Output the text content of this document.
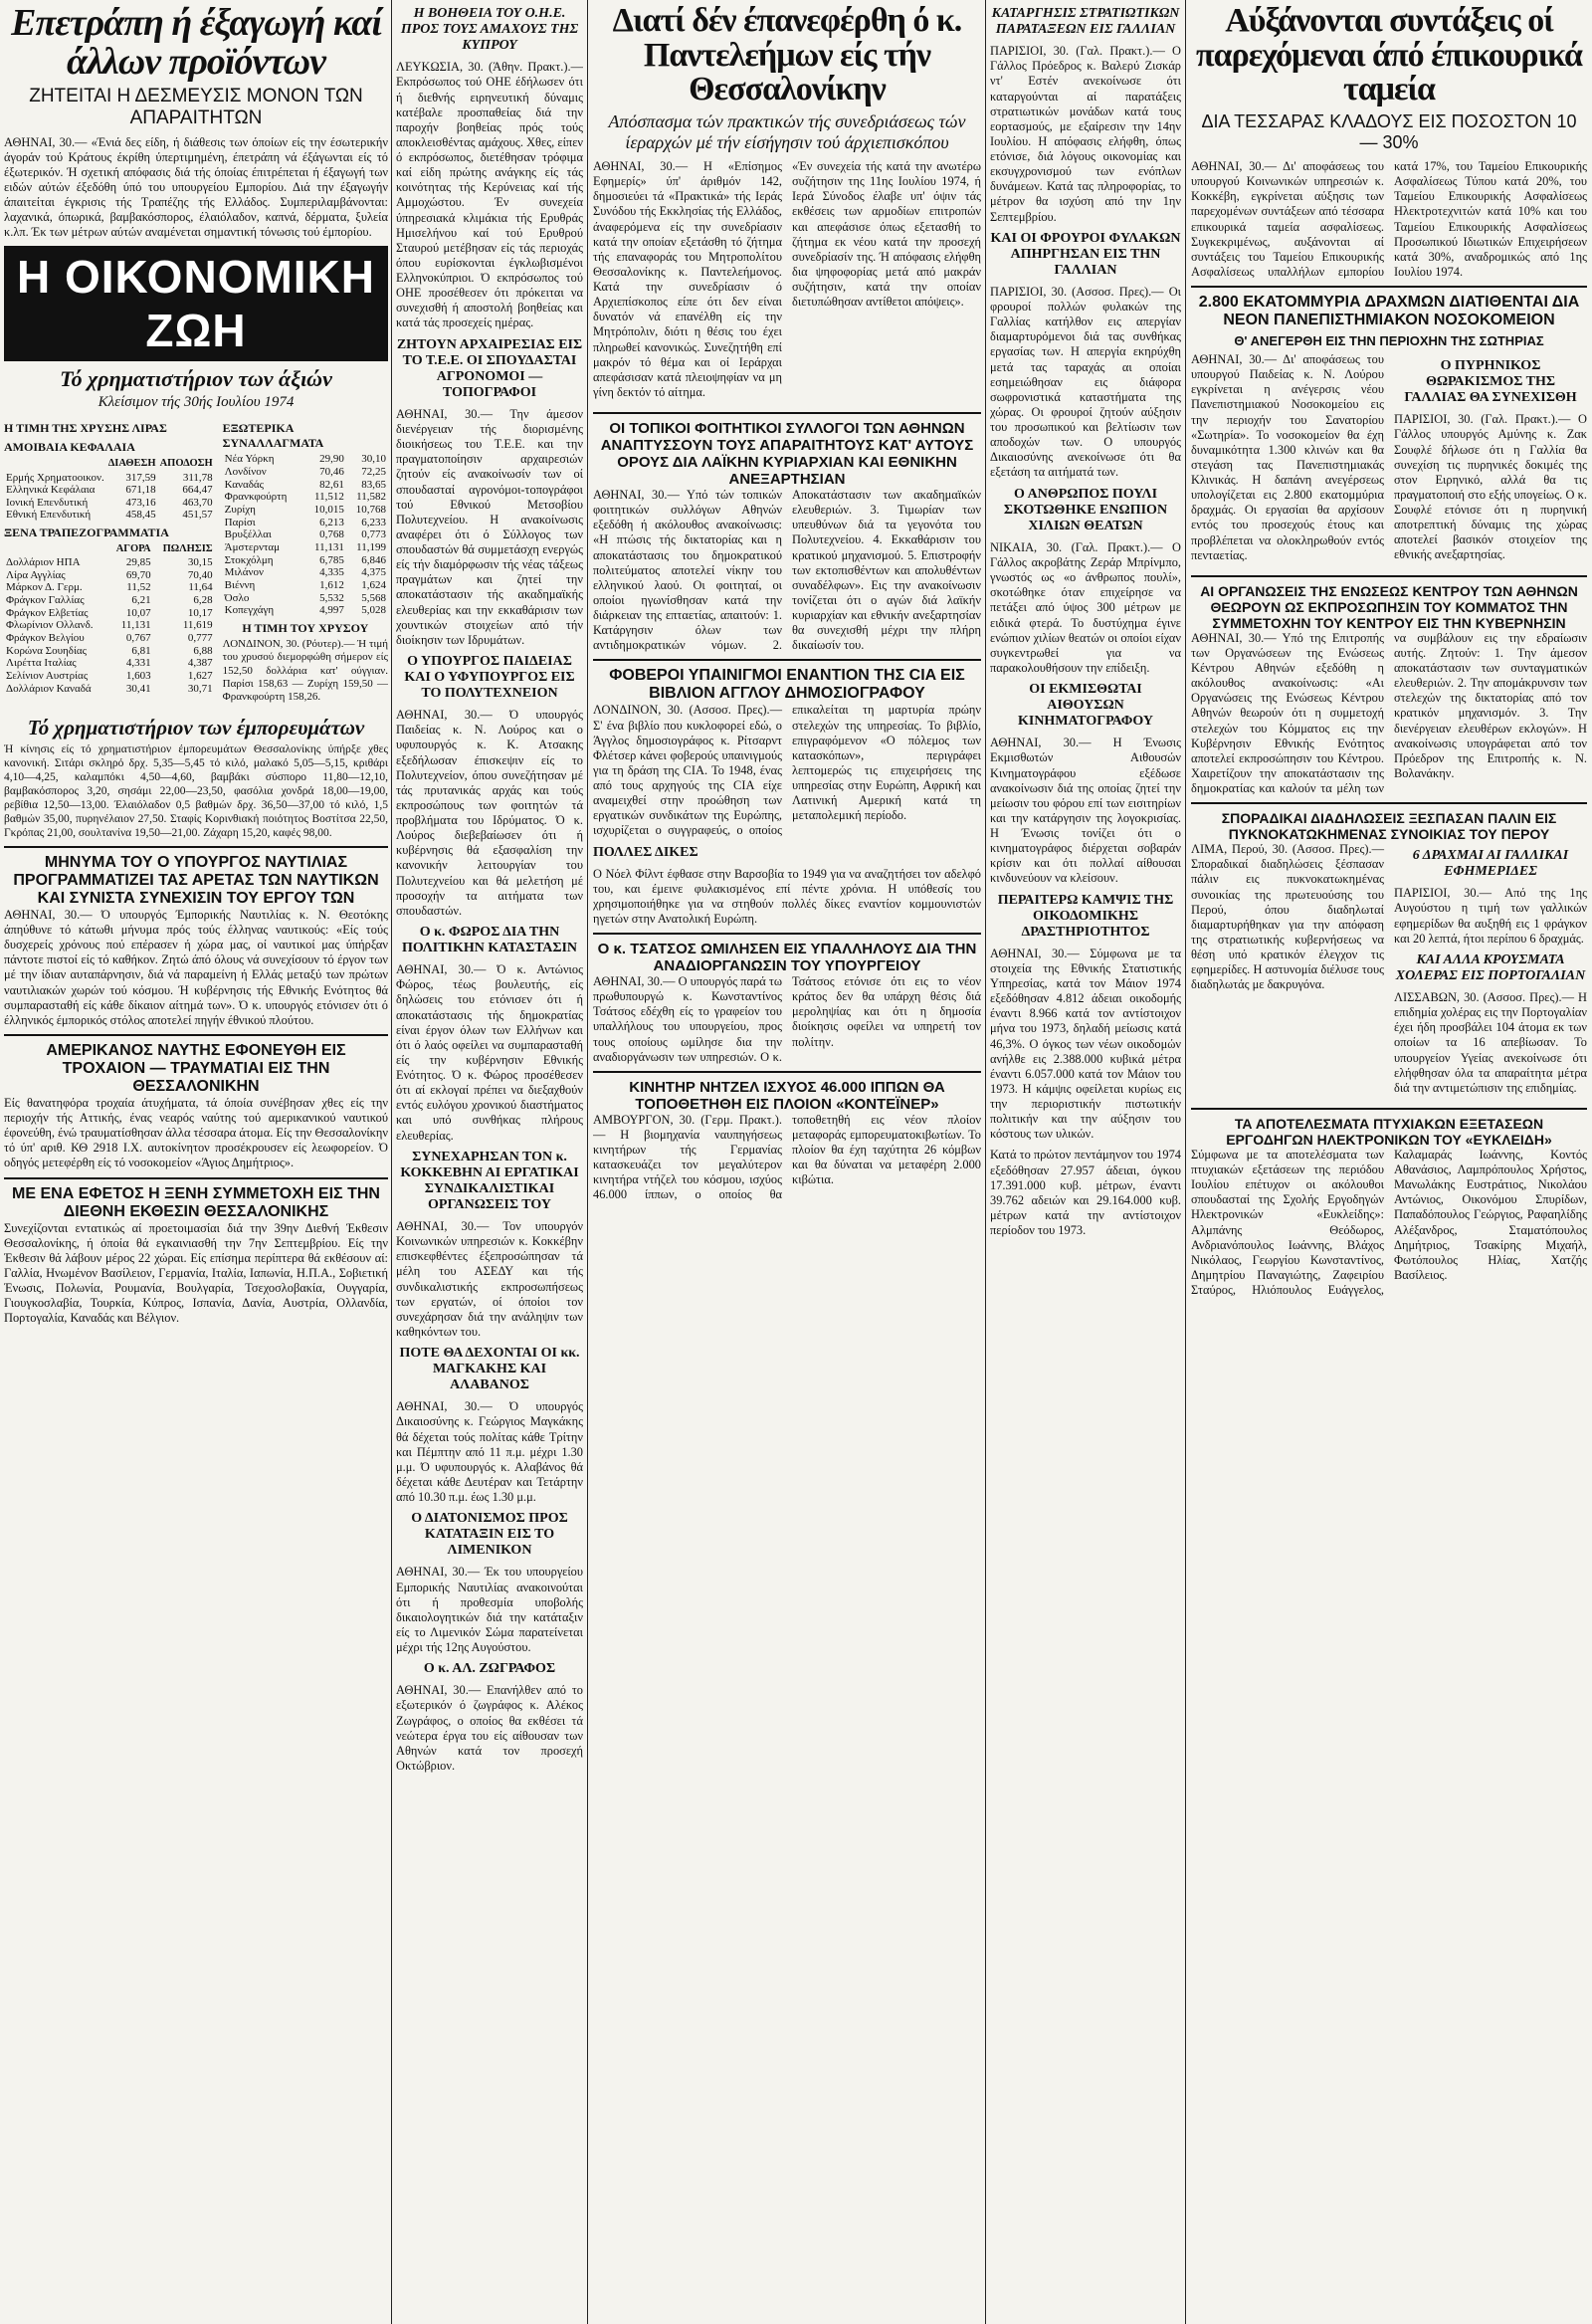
Επετράπη ή έξαγωγή καί άλλων προϊόντων
ΖΗΤΕΙΤΑΙ Η ΔΕΣΜΕΥΣΙΣ ΜΟΝΟΝ ΤΩΝ ΑΠΑΡΑΙΤΗΤΩΝ

ΑΘΗΝΑΙ, 30.— «Ένιά δες είδη, ή διάθεσις των όποίων είς την έσωτερικήν άγοράν τού Κράτους έκρίθη ύπερτιμημένη, έπετράπη νά έξάγωνται είς τό έξωτερικόν. Ή σχετική απόφασις διά τής όποίας έπιτρέπεται ή έξαγωγή των ειδών αύτών έξεδόθη ύπό του υπουργείου Εμπορίου. Διά την έξαγωγήν άπαιτείται έγκρισις τής Τραπέζης τής Ελλάδος. Συμπεριλαμβάνονται: λαχανικά, όπωρικά, βαμβακόσπορος, έλαιόλαδον, καπνά, δέρματα, ξυλεία κ.λπ. Έκ των μέτρων αύτών αναμένεται σημαντική τόνωσις τού έμπορίου.

Η ΟΙΚΟΝΟΜΙΚΗ ΖΩΗ
Τό χρηματιστήριον των άξιών
Κλείσιμον τής 30ής Ιουλίου 1974
Η ΤΙΜΗ ΤΗΣ ΧΡΥΣΗΣ ΛΙΡΑΣ
ΑΜΟΙΒΑΙΑ ΚΕΦΑΛΑΙΑ
	ΔΙΑΘΕΣΗ	ΑΠΟΔΟΣΗ
Ερμής Χρηματοοικον.	317,59	311,78
Ελληνικά Κεφάλαια	671,18	664,47
Ιονική Επενδυτική	473,16	463,70
Εθνική Επενδυτική	458,45	451,57
ΞΕΝΑ ΤΡΑΠΕΖΟΓΡΑΜΜΑΤΙΑ
	ΑΓΟΡΑ	ΠΩΛΗΣΙΣ
Δολλάριον ΗΠΑ	29,85	30,15
Λίρα Αγγλίας	69,70	70,40
Μάρκον Δ. Γερμ.	11,52	11,64
Φράγκον Γαλλίας	6,21	6,28
Φράγκον Ελβετίας	10,07	10,17
Φλωρίνιον Ολλανδ.	11,131	11,619
Φράγκον Βελγίου	0,767	0,777
Κορώνα Σουηδίας	6,81	6,88
Λιρέττα Ιταλίας	4,331	4,387
Σελίνιον Αυστρίας	1,603	1,627
Δολλάριον Καναδά	30,41	30,71
ΕΞΩΤΕΡΙΚΑ ΣΥΝΑΛΛΑΓΜΑΤΑ
Νέα Υόρκη	29,90	30,10
Λονδίνον	70,46	72,25
Καναδάς	82,61	83,65
Φρανκφούρτη	11,512	11,582
Ζυρίχη	10,015	10,768
Παρίσι	6,213	6,233
Βρυξέλλαι	0,768	0,773
Άμστερνταμ	11,131	11,199
Στοκχόλμη	6,785	6,846
Μιλάνον	4,335	4,375
Βιέννη	1,612	1,624
Όσλο	5,532	5,568
Κοπεγχάγη	4,997	5,028
Η ΤΙΜΗ ΤΟΥ ΧΡΥΣΟΥ

ΛΟΝΔΙΝΟΝ, 30. (Ρόυτερ).— Ή τιμή του χρυσού διεμορφώθη σήμερον είς 152,50 δολλάρια κατ' ούγγιαν. Παρίσι 158,63 — Ζυρίχη 159,50 — Φρανκφούρτη 158,26.

Τό χρηματιστήριον των έμπορευμάτων

Ή κίνησις είς τό χρηματιστήριον έμπορευμάτων Θεσσαλονίκης ύπήρξε χθες κανονική. Σιτάρι σκληρό δρχ. 5,35—5,45 τό κιλό, μαλακό 5,05—5,15, κριθάρι 4,10—4,25, καλαμπόκι 4,50—4,60, βαμβάκι σύσπορο 11,80—12,10, βαμβακόσπορος 3,20, σησάμι 22,00—23,50, φασόλια χονδρά 18,00—19,00, ρεβίθια 12,50—13,00. Έλαιόλαδον 0,5 βαθμών δρχ. 36,50—37,00 τό κιλό, 1,5 βαθμών 35,00, πυρηνέλαιον 27,50. Σταφίς Κορινθιακή ποιότητος Βοστίτσα 22,50, Γκρόπας 21,00, σουλτανίνα 19,50—21,00. Ζάχαρη 15,20, καφές 98,00.

ΜΗΝΥΜΑ ΤΟΥ Ο ΥΠΟΥΡΓΟΣ ΝΑΥΤΙΛΙΑΣ ΠΡΟΓΡΑΜΜΑΤΙΖΕΙ ΤΑΣ ΑΡΕΤΑΣ ΤΩΝ ΝΑΥΤΙΚΩΝ ΚΑΙ ΣΥΝΙΣΤΑ ΣΥΝΕΧΙΣΙΝ ΤΟΥ ΕΡΓΟΥ ΤΩΝ

ΑΘΗΝΑΙ, 30.— Ό υπουργός Έμπορικής Ναυτιλίας κ. Ν. Θεοτόκης άπηύθυνε τό κάτωθι μήνυμα πρός τούς έλληνας ναυτικούς: «Είς τούς δυσχερείς χρόνους πού επέρασεν ή χώρα μας, οί ναυτικοί μας ύπήρξαν πάντοτε πιστοί είς τό καθήκον. Ζητώ άπό όλους νά συνεχίσουν τό έργον των μέ την ίδιαν αυταπάρνησιν, διά νά παραμείνη ή Ελλάς μεταξύ των πρώτων ναυτιλιακών χωρών τού κόσμου. Ή κυβέρνησις τής Εθνικής Ενότητος θά συμπαρασταθή είς κάθε δίκαιον αίτημά των». Ό κ. υπουργός ετόνισεν ότι ό έλληνικός έμπορικός στόλος αποτελεί πηγήν έθνικού πλούτου.

ΑΜΕΡΙΚΑΝΟΣ ΝΑΥΤΗΣ ΕΦΟΝΕΥΘΗ ΕΙΣ ΤΡΟΧΑΙΟΝ — ΤΡΑΥΜΑΤΙΑΙ ΕΙΣ ΤΗΝ ΘΕΣΣΑΛΟΝΙΚΗΝ

Είς θανατηφόρα τροχαία άτυχήματα, τά όποία συνέβησαν χθες είς την περιοχήν τής Αττικής, ένας νεαρός ναύτης τού αμερικανικού ναυτικού έφονεύθη, ένώ τραυματίσθησαν άλλα τέσσαρα άτομα. Είς την Θεσσαλονίκην τό ύπ' αριθ. ΚΘ 2918 Ι.Χ. αυτοκίνητον προσέκρουσεν είς λεωφορείον. Ό οδηγός μετεφέρθη είς τό νοσοκομείον «Άγιος Δημήτριος».

ΜΕ ΕΝΑ ΕΦΕΤΟΣ Η ΞΕΝΗ ΣΥΜΜΕΤΟΧΗ ΕΙΣ ΤΗΝ ΔΙΕΘΝΗ ΕΚΘΕΣΙΝ ΘΕΣΣΑΛΟΝΙΚΗΣ

Συνεχίζονται εντατικώς αί προετοιμασίαι διά την 39ην Διεθνή Έκθεσιν Θεσσαλονίκης, ή όποία θά εγκαινιασθή την 7ην Σεπτεμβρίου. Είς την Έκθεσιν θά λάβουν μέρος 22 χώραι. Είς επίσημα περίπτερα θά εκθέσουν αί: Γαλλία, Ηνωμένον Βασίλειον, Γερμανία, Ιταλία, Ιαπωνία, Η.Π.Α., Σοβιετική Ένωσις, Πολωνία, Ρουμανία, Βουλγαρία, Τσεχοσλοβακία, Ουγγαρία, Γιουγκοσλαβία, Τουρκία, Κύπρος, Ισπανία, Δανία, Αυστρία, Ολλανδία, Πορτογαλία, Καναδάς και Βέλγιον.

Η ΒΟΗΘΕΙΑ ΤΟΥ Ο.Η.Ε. ΠΡΟΣ ΤΟΥΣ ΑΜΑΧΟΥΣ ΤΗΣ ΚΥΠΡΟΥ

ΛΕΥΚΩΣΙΑ, 30. (Άθην. Πρακτ.).— Εκπρόσωπος τού ΟΗΕ έδήλωσεν ότι ή διεθνής ειρηνευτική δύναμις κατέβαλε προσπαθείας διά την παροχήν βοηθείας πρός τούς αποκλεισθέντας αμάχους. Χθες, είπεν ό εκπρόσωπος, διετέθησαν τρόφιμα καί είδη πρώτης ανάγκης είς τάς κοινότητας τής Κερύνειας καί τής Αμμοχώστου. Έν συνεχεία ύπηρεσιακά κλιμάκια τής Ερυθράς Ημισελήνου καί τού Ερυθρού Σταυρού μετέβησαν είς τάς περιοχάς όπου ευρίσκονται έγκλωβισμένοι Ελληνοκύπριοι. Ό εκπρόσωπος τού ΟΗΕ προσέθεσεν ότι πρόκειται να συνεχισθή ή αποστολή βοηθείας και κατά τάς προσεχείς ημέρας.

ΖΗΤΟΥΝ ΑΡΧΑΙΡΕΣΙΑΣ ΕΙΣ ΤΟ Τ.Ε.Ε. ΟΙ ΣΠΟΥΔΑΣΤΑΙ ΑΓΡΟΝΟΜΟΙ — ΤΟΠΟΓΡΑΦΟΙ

ΑΘΗΝΑΙ, 30.— Την άμεσον διενέργειαν τής διορισμένης διοικήσεως του Τ.Ε.Ε. και την πραγματοποίησιν αρχαιρεσιών ζητούν είς ανακοίνωσίν των οί σπουδασταί αγρονόμοι-τοπογράφοι τού Εθνικού Μετσοβίου Πολυτεχνείου. Η ανακοίνωσις αναφέρει ότι ό Σύλλογος των σπουδαστών θά συμμετάσχη ενεργώς είς τήν διαμόρφωσιν τής νέας τάξεως πραγμάτων και ζητεί την αποκατάστασιν τής ακαδημαϊκής ελευθερίας και την εκκαθάρισιν των χουντικών στοιχείων από τήν διοίκησιν των Ιδρυμάτων.

Ο ΥΠΟΥΡΓΟΣ ΠΑΙΔΕΙΑΣ ΚΑΙ Ο ΥΦΥΠΟΥΡΓΟΣ ΕΙΣ ΤΟ ΠΟΛΥΤΕΧΝΕΙΟΝ

ΑΘΗΝΑΙ, 30.— Ό υπουργός Παιδείας κ. Ν. Λούρος και ο υφυπουργός κ. Κ. Ατσακης εξεδήλωσαν έπισκεψιν είς το Πολυτεχνείον, όπου συνεζήτησαν μέ τάς πρυτανικάς αρχάς και τούς εκπροσώπους των φοιτητών τά προβλήματα του Ιδρύματος. Ό κ. Λούρος διεβεβαίωσεν ότι ή κυβέρνησις θά εξασφαλίση την κανονικήν λειτουργίαν του Πολυτεχνείου και θά μελετήση μέ προσοχήν τα αιτήματα των σπουδαστών.

Ο κ. ΦΩΡΟΣ ΔΙΑ ΤΗΝ ΠΟΛΙΤΙΚΗΝ ΚΑΤΑΣΤΑΣΙΝ

ΑΘΗΝΑΙ, 30.— Ό κ. Αντώνιος Φώρος, τέως βουλευτής, είς δηλώσεις του ετόνισεν ότι ή αποκατάστασις τής δημοκρατίας είναι έργον όλων των Ελλήνων και ότι ό λαός οφείλει να συμπαρασταθή είς την κυβέρνησιν Εθνικής Ενότητος. Ό κ. Φώρος προσέθεσεν ότι αί εκλογαί πρέπει να διεξαχθούν εντός ευλόγου χρονικού διαστήματος και υπό συνθήκας πλήρους ελευθερίας.

ΣΥΝΕΧΑΡΗΣΑΝ ΤΟΝ κ. ΚΟΚΚΕΒΗΝ ΑΙ ΕΡΓΑΤΙΚΑΙ ΣΥΝΔΙΚΑΛΙΣΤΙΚΑΙ ΟΡΓΑΝΩΣΕΙΣ ΤΟΥ

ΑΘΗΝΑΙ, 30.— Τον υπουργόν Κοινωνικών υπηρεσιών κ. Κοκκέβην επισκεφθέντες έξεπροσώπησαν τά μέλη του ΑΣΕΔΥ και τής συνδικαλιστικής εκπροσωπήσεως των εργατών, οί όποίοι τον συνεχάρησαν διά την ανάληψιν των καθηκόντων του.

ΠΟΤΕ ΘΑ ΔΕΧΟΝΤΑΙ ΟΙ κκ. ΜΑΓΚΑΚΗΣ ΚΑΙ ΑΛΑΒΑΝΟΣ

ΑΘΗΝΑΙ, 30.— Ό υπουργός Δικαιοσύνης κ. Γεώργιος Μαγκάκης θά δέχεται τούς πολίτας κάθε Τρίτην και Πέμπτην από 11 π.μ. μέχρι 1.30 μ.μ. Ό υφυπουργός κ. Αλαβάνος θά δέχεται κάθε Δευτέραν και Τετάρτην από 10.30 π.μ. έως 1.30 μ.μ.

Ο ΔΙΑΤΟΝΙΣΜΟΣ ΠΡΟΣ ΚΑΤΑΤΑΞΙΝ ΕΙΣ ΤΟ ΛΙΜΕΝΙΚΟΝ

ΑΘΗΝΑΙ, 30.— Έκ του υπουργείου Εμπορικής Ναυτιλίας ανακοινούται ότι ή προθεσμία υποβολής δικαιολογητικών διά την κατάταξιν είς το Λιμενικόν Σώμα παρατείνεται μέχρι τής 12ης Αυγούστου.

Ο κ. ΑΛ. ΖΩΓΡΑΦΟΣ

ΑΘΗΝΑΙ, 30.— Επανήλθεν από το εξωτερικόν ό ζωγράφος κ. Αλέκος Ζωγράφος, ο οποίος θα εκθέσει τά νεώτερα έργα του είς αίθουσαν των Αθηνών κατά τον προσεχή Οκτώβριον.

Διατί δέν έπανεφέρθη ό κ. Παντελεήμων είς τήν Θεσσαλονίκην
Απόσπασμα τών πρακτικών τής συνεδριάσεως τών ίεραρχών μέ τήν είσήγησιν τού άρχιεπισκόπου

ΑΘΗΝΑΙ, 30.— Η «Επίσημος Εφημερίς» ύπ' άριθμόν 142, δημοσιεύει τά «Πρακτικά» τής Ιεράς Συνόδου τής Εκκλησίας τής Ελλάδος, άναφερόμενα είς την συνεδρίασιν κατά την οποίαν εξετάσθη τό ζήτημα τής επαναφοράς του Μητροπολίτου Θεσσαλονίκης κ. Παντελεήμονος. Κατά την συνεδρίασιν ό Αρχιεπίσκοπος είπε ότι δεν είναι δυνατόν νά επανέλθη είς την Μητρόπολιν, διότι η θέσις του έχει πληρωθεί κανονικώς. Συνεζητήθη επί μακρόν τό θέμα και οί Ιεράρχαι απεφάσισαν κατά πλειοψηφίαν να μη γίνη δεκτόν τό αίτημα.

«Έν συνεχεία τής κατά την ανωτέρω συζήτησιν της 11ης Ιουλίου 1974, ή Ιερά Σύνοδος έλαβε υπ' όψιν τάς εκθέσεις των αρμοδίων επιτροπών και απεφάσισε όπως εξετασθή το ζήτημα εκ νέου κατά την προσεχή συνεδρίασίν της. Ή απόφασις ελήφθη δια ψηφοφορίας μετά από μακράν συζήτησιν, κατά την οποίαν διετυπώθησαν αντίθετοι απόψεις».

ΟΙ ΤΟΠΙΚΟΙ ΦΟΙΤΗΤΙΚΟΙ ΣΥΛΛΟΓΟΙ ΤΩΝ ΑΘΗΝΩΝ ΑΝΑΠΤΥΣΣΟΥΝ ΤΟΥΣ ΑΠΑΡΑΙΤΗΤΟΥΣ ΚΑΤ' ΑΥΤΟΥΣ ΟΡΟΥΣ ΔΙΑ ΛΑΪΚΗΝ ΚΥΡΙΑΡΧΙΑΝ ΚΑΙ ΕΘΝΙΚΗΝ ΑΝΕΞΑΡΤΗΣΙΑΝ

ΑΘΗΝΑΙ, 30.— Υπό τών τοπικών φοιτητικών συλλόγων Αθηνών εξεδόθη ή ακόλουθος ανακοίνωσις: «Η πτώσις τής δικτατορίας και η αποκατάστασις του δημοκρατικού πολιτεύματος αποτελεί νίκην του ελληνικού λαού. Οι φοιτηταί, οι οποίοι ηγωνίσθησαν κατά την διάρκειαν της επταετίας, απαιτούν: 1. Κατάργησιν όλων των αντιδημοκρατικών νόμων. 2. Αποκατάστασιν των ακαδημαϊκών ελευθεριών. 3. Τιμωρίαν των υπευθύνων διά τα γεγονότα του Πολυτεχνείου. 4. Εκκαθάρισιν του κρατικού μηχανισμού. 5. Επιστροφήν των εκτοπισθέντων και απολυθέντων συναδέλφων». Εις την ανακοίνωσιν τονίζεται ότι ο αγών διά λαϊκήν κυριαρχίαν και εθνικήν ανεξαρτησίαν θα συνεχισθή μέχρι την πλήρη δικαίωσίν του.

ΦΟΒΕΡΟΙ ΥΠΑΙΝΙΓΜΟΙ ΕΝΑΝΤΙΟΝ ΤΗΣ CIA ΕΙΣ ΒΙΒΛΙΟΝ ΑΓΓΛΟΥ ΔΗΜΟΣΙΟΓΡΑΦΟΥ

ΛΟΝΔΙΝΟΝ, 30. (Ασσοσ. Πρες).— Σ' ένα βιβλίο που κυκλοφορεί εδώ, ο Άγγλος δημοσιογράφος κ. Ρίτσαρντ Φλέτσερ κάνει φοβερούς υπαινιγμούς για τη δράση της CIA. Το 1948, ένας από τους αρχηγούς της CIA είχε αναμειχθεί στην προώθηση των εργατικών συνδικάτων της Ευρώπης, ισχυρίζεται ο συγγραφεύς, ο οποίος επικαλείται τη μαρτυρία πρώην στελεχών της υπηρεσίας. Το βιβλίο, επιγραφόμενον «Ο πόλεμος των κατασκόπων», περιγράφει λεπτομερώς τις επιχειρήσεις της υπηρεσίας στην Ευρώπη, Αφρική και Λατινική Αμερική κατά τη μεταπολεμική περίοδο.

ΠΟΛΛΕΣ ΔΙΚΕΣ

Ο Νόελ Φίλντ έφθασε στην Βαρσοβία το 1949 για να αναζητήσει τον αδελφό του, και έμεινε φυλακισμένος επί πέντε χρόνια. Η υπόθεσίς του χρησιμοποιήθηκε για να στηθούν πολλές δίκες εναντίον κομμουνιστών ηγετών στην Ανατολική Ευρώπη.

Ο κ. ΤΣΑΤΣΟΣ ΩΜΙΛΗΣΕΝ ΕΙΣ ΥΠΑΛΛΗΛΟΥΣ ΔΙΑ ΤΗΝ ΑΝΑΔΙΟΡΓΑΝΩΣΙΝ ΤΟΥ ΥΠΟΥΡΓΕΙΟΥ

ΑΘΗΝΑΙ, 30.— Ο υπουργός παρά τω πρωθυπουργώ κ. Κωνσταντίνος Τσάτσος εδέχθη είς το γραφείον του υπαλλήλους του υπουργείου, προς τους οποίους ωμίλησε δια την αναδιοργάνωσιν των υπηρεσιών. Ο κ. Τσάτσος ετόνισε ότι εις το νέον κράτος δεν θα υπάρχη θέσις διά μεροληψίας και ότι η δημοσία διοίκησις οφείλει να υπηρετή τον πολίτην.

ΚΙΝΗΤΗΡ ΝΗΤΖΕΛ ΙΣΧΥΟΣ 46.000 ΙΠΠΩΝ ΘΑ ΤΟΠΟΘΕΤΗΘΗ ΕΙΣ ΠΛΟΙΟΝ «ΚΟΝΤΕΪΝΕΡ»

ΑΜΒΟΥΡΓΟΝ, 30. (Γερμ. Πρακτ.).— Η βιομηχανία ναυπηγήσεως κινητήρων τής Γερμανίας κατασκευάζει τον μεγαλύτερον κινητήρα ντήζελ του κόσμου, ισχύος 46.000 ίππων, ο οποίος θα τοποθετηθή εις νέον πλοίον μεταφοράς εμπορευματοκιβωτίων. Το πλοίον θα έχη ταχύτητα 26 κόμβων και θα δύναται να μεταφέρη 2.000 κιβώτια.

ΚΑΤΑΡΓΗΣΙΣ ΣΤΡΑΤΙΩΤΙΚΩΝ ΠΑΡΑΤΑΞΕΩΝ ΕΙΣ ΓΑΛΛΙΑΝ

ΠΑΡΙΣΙΟΙ, 30. (Γαλ. Πρακτ.).— Ο Γάλλος Πρόεδρος κ. Βαλερύ Ζισκάρ ντ' Εστέν ανεκοίνωσε ότι καταργούνται αί παρατάξεις στρατιωτικών μονάδων κατά τους εορτασμούς, με εξαίρεσιν την 14ην Ιουλίου. Η απόφασις ελήφθη, όπως ετόνισε, διά λόγους οικονομίας και εκσυγχρονισμού των ενόπλων δυνάμεων. Κατά τας πληροφορίας, το μέτρον θα ισχύση από την 1ην Σεπτεμβρίου.

ΚΑΙ ΟΙ ΦΡΟΥΡΟΙ ΦΥΛΑΚΩΝ ΑΠΗΡΓΗΣΑΝ ΕΙΣ ΤΗΝ ΓΑΛΛΙΑΝ

ΠΑΡΙΣΙΟΙ, 30. (Ασσοσ. Πρες).— Οι φρουροί πολλών φυλακών της Γαλλίας κατήλθον εις απεργίαν διαμαρτυρόμενοι διά τας συνθήκας εργασίας των. Η απεργία εκηρύχθη μετά τας ταραχάς αι οποίαι εσημειώθησαν εις διάφορα σωφρονιστικά καταστήματα της χώρας. Οι φρουροί ζητούν αύξησιν του προσωπικού και βελτίωσιν των αποδοχών των. Ο υπουργός Δικαιοσύνης ανεκοίνωσε ότι θα εξετάση τα αιτήματά των.

Ο ΑΝΘΡΩΠΟΣ ΠΟΥΛΙ ΣΚΟΤΩΘΗΚΕ ΕΝΩΠΙΟΝ ΧΙΛΙΩΝ ΘΕΑΤΩΝ

ΝΙΚΑΙΑ, 30. (Γαλ. Πρακτ.).— Ο Γάλλος ακροβάτης Ζεράρ Μπρίνμπο, γνωστός ως «ο άνθρωπος πουλί», σκοτώθηκε όταν επιχείρησε να πετάξει από ύψος 300 μέτρων με ειδικά φτερά. Το δυστύχημα έγινε ενώπιον χιλίων θεατών οι οποίοι είχαν συγκεντρωθεί για να παρακολουθήσουν την επίδειξη.

ΟΙ ΕΚΜΙΣΘΩΤΑΙ ΑΙΘΟΥΣΩΝ ΚΙΝΗΜΑΤΟΓΡΑΦΟΥ

ΑΘΗΝΑΙ, 30.— Η Ένωσις Εκμισθωτών Αιθουσών Κινηματογράφου εξέδωσε ανακοίνωσιν διά της οποίας ζητεί την μείωσιν του φόρου επί των εισιτηρίων και την κατάργησιν της λογοκρισίας. Η Ένωσις τονίζει ότι ο κινηματογράφος διέρχεται σοβαράν κρίσιν και ότι πολλαί αίθουσαι κινδυνεύουν να κλείσουν.

ΠΕΡΑΙΤΕΡΩ ΚΑΜΨΙΣ ΤΗΣ ΟΙΚΟΔΟΜΙΚΗΣ ΔΡΑΣΤΗΡΙΟΤΗΤΟΣ

ΑΘΗΝΑΙ, 30.— Σύμφωνα με τα στοιχεία της Εθνικής Στατιστικής Υπηρεσίας, κατά τον Μάιον 1974 εξεδόθησαν 4.812 άδειαι οικοδομής έναντι 8.966 κατά τον αντίστοιχον μήνα του 1973, δηλαδή μείωσις κατά 46,3%. Ο όγκος των νέων οικοδομών ανήλθε εις 2.388.000 κυβικά μέτρα έναντι 6.057.000 κατά τον Μάιον του 1973. Η κάμψις οφείλεται κυρίως εις την περιοριστικήν πιστωτικήν πολιτικήν και την αύξησιν του κόστους των υλικών.

Κατά το πρώτον πεντάμηνον του 1974 εξεδόθησαν 27.957 άδειαι, όγκου 17.391.000 κυβ. μέτρων, έναντι 39.762 αδειών και 29.164.000 κυβ. μέτρων κατά την αντίστοιχον περίοδον του 1973.

Αύξάνονται συντάξεις οί παρεχόμεναι άπό έπικουρικά ταμεία
ΔΙΑ ΤΕΣΣΑΡΑΣ ΚΛΑΔΟΥΣ ΕΙΣ ΠΟΣΟΣΤΟΝ 10 — 30%

ΑΘΗΝΑΙ, 30.— Δι' αποφάσεως του υπουργού Κοινωνικών υπηρεσιών κ. Κοκκέβη, εγκρίνεται αύξησις των παρεχομένων συντάξεων από τέσσαρα επικουρικά ταμεία ασφαλίσεως. Συγκεκριμένως, αυξάνονται αί συντάξεις του Ταμείου Επικουρικής Ασφαλίσεως υπαλλήλων εμπορίου κατά 17%, του Ταμείου Επικουρικής Ασφαλίσεως Τύπου κατά 20%, του Ταμείου Επικουρικής Ασφαλίσεως Ηλεκτροτεχνιτών κατά 10% και του Ταμείου Επικουρικής Ασφαλίσεως Προσωπικού Ιδιωτικών Επιχειρήσεων κατά 30%, αναδρομικώς από 1ης Ιουλίου 1974.

2.800 ΕΚΑΤΟΜΜΥΡΙΑ ΔΡΑΧΜΩΝ ΔΙΑΤΙΘΕΝΤΑΙ ΔΙΑ ΝΕΟΝ ΠΑΝΕΠΙΣΤΗΜΙΑΚΟΝ ΝΟΣΟΚΟΜΕΙΟΝ
Θ' ΑΝΕΓΕΡΘΗ ΕΙΣ ΤΗΝ ΠΕΡΙΟΧΗΝ ΤΗΣ ΣΩΤΗΡΙΑΣ

ΑΘΗΝΑΙ, 30.— Δι' αποφάσεως του υπουργού Παιδείας κ. Ν. Λούρου εγκρίνεται η ανέγερσις νέου Πανεπιστημιακού Νοσοκομείου εις την περιοχήν του Σανατορίου «Σωτηρία». Το νοσοκομείον θα έχη δυναμικότητα 1.300 κλινών και θα στεγάση τας Πανεπιστημιακάς Κλινικάς. Η δαπάνη ανεγέρσεως υπολογίζεται εις 2.800 εκατομμύρια δραχμάς. Οι εργασίαι θα αρχίσουν εντός του προσεχούς έτους και προβλέπεται να ολοκληρωθούν εντός πενταετίας.

Ο ΠΥΡΗΝΙΚΟΣ ΘΩΡΑΚΙΣΜΟΣ ΤΗΣ ΓΑΛΛΙΑΣ ΘΑ ΣΥΝΕΧΙΣΘΗ

ΠΑΡΙΣΙΟΙ, 30. (Γαλ. Πρακτ.).— Ο Γάλλος υπουργός Αμύνης κ. Ζακ Σουφλέ δήλωσε ότι η Γαλλία θα συνεχίση τις πυρηνικές δοκιμές της στον Ειρηνικό, αλλά θα τις πραγματοποιή στο εξής υπογείως. Ο κ. Σουφλέ ετόνισε ότι η πυρηνική αποτρεπτική δύναμις της χώρας αποτελεί βασικόν στοιχείον της εθνικής ανεξαρτησίας.

ΑΙ ΟΡΓΑΝΩΣΕΙΣ ΤΗΣ ΕΝΩΣΕΩΣ ΚΕΝΤΡΟΥ ΤΩΝ ΑΘΗΝΩΝ ΘΕΩΡΟΥΝ ΩΣ ΕΚΠΡΟΣΩΠΗΣΙΝ ΤΟΥ ΚΟΜΜΑΤΟΣ ΤΗΝ ΣΥΜΜΕΤΟΧΗΝ ΤΟΥ ΚΕΝΤΡΟΥ ΕΙΣ ΤΗΝ ΚΥΒΕΡΝΗΣΙΝ

ΑΘΗΝΑΙ, 30.— Υπό της Επιτροπής των Οργανώσεων της Ενώσεως Κέντρου Αθηνών εξεδόθη η ακόλουθος ανακοίνωσις: «Αι Οργανώσεις της Ενώσεως Κέντρου Αθηνών θεωρούν ότι η συμμετοχή στελεχών του Κόμματος εις την Κυβέρνησιν Εθνικής Ενότητος αποτελεί εκπροσώπησιν του Κέντρου. Χαιρετίζουν την αποκατάστασιν της δημοκρατίας και καλούν τα μέλη των να συμβάλουν εις την εδραίωσιν αυτής. Ζητούν: 1. Την άμεσον αποκατάστασιν των συνταγματικών ελευθεριών. 2. Την απομάκρυνσιν των στελεχών της δικτατορίας από τον κρατικόν μηχανισμόν. 3. Την διενέργειαν ελευθέρων εκλογών». Η ανακοίνωσις υπογράφεται από τον Πρόεδρον της Επιτροπής κ. Ν. Βολανάκην.

ΣΠΟΡΑΔΙΚΑΙ ΔΙΑΔΗΛΩΣΕΙΣ ΞΕΣΠΑΣΑΝ ΠΑΛΙΝ ΕΙΣ ΠΥΚΝΟΚΑΤΩΚΗΜΕΝΑΣ ΣΥΝΟΙΚΙΑΣ ΤΟΥ ΠΕΡΟΥ

ΛΙΜΑ, Περού, 30. (Ασσοσ. Πρες).— Σποραδικαί διαδηλώσεις ξέσπασαν πάλιν εις πυκνοκατωκημένας συνοικίας της πρωτευούσης του Περού, όπου διαδηλωταί διαμαρτυρήθηκαν για την απόφαση της στρατιωτικής κυβερνήσεως να θέση υπό κρατικόν έλεγχον τις εφημερίδες. Η αστυνομία διέλυσε τους διαδηλωτάς με δακρυγόνα.

6 ΔΡΑΧΜΑΙ ΑΙ ΓΑΛΛΙΚΑΙ ΕΦΗΜΕΡΙΔΕΣ

ΠΑΡΙΣΙΟΙ, 30.— Από της 1ης Αυγούστου η τιμή των γαλλικών εφημερίδων θα αυξηθή εις 1 φράγκον και 20 λεπτά, ήτοι περίπου 6 δραχμάς.

ΚΑΙ ΑΛΛΑ ΚΡΟΥΣΜΑΤΑ ΧΟΛΕΡΑΣ ΕΙΣ ΠΟΡΤΟΓΑΛΙΑΝ

ΛΙΣΣΑΒΩΝ, 30. (Ασσοσ. Πρες).— Η επιδημία χολέρας εις την Πορτογαλίαν έχει ήδη προσβάλει 104 άτομα εκ των οποίων τα 16 απεβίωσαν. Το υπουργείον Υγείας ανεκοίνωσε ότι ελήφθησαν όλα τα απαραίτητα μέτρα διά την αντιμετώπισιν της επιδημίας.

ΤΑ ΑΠΟΤΕΛΕΣΜΑΤΑ ΠΤΥΧΙΑΚΩΝ ΕΞΕΤΑΣΕΩΝ ΕΡΓΟΔΗΓΩΝ ΗΛΕΚΤΡΟΝΙΚΩΝ ΤΟΥ «ΕΥΚΛΕΙΔΗ»

Σύμφωνα με τα αποτελέσματα των πτυχιακών εξετάσεων της περιόδου Ιουλίου επέτυχον οι ακόλουθοι σπουδασταί της Σχολής Εργοδηγών Ηλεκτρονικών «Ευκλείδης»: Αλμπάνης Θεόδωρος, Ανδριανόπουλος Ιωάννης, Βλάχος Νικόλαος, Γεωργίου Κωνσταντίνος, Δημητρίου Παναγιώτης, Ζαφειρίου Σταύρος, Ηλιόπουλος Ευάγγελος, Καλαμαράς Ιωάννης, Κοντός Αθανάσιος, Λαμπρόπουλος Χρήστος, Μανωλάκης Ευστράτιος, Νικολάου Αντώνιος, Οικονόμου Σπυρίδων, Παπαδόπουλος Γεώργιος, Ραφαηλίδης Αλέξανδρος, Σταματόπουλος Δημήτριος, Τσακίρης Μιχαήλ, Φωτόπουλος Ηλίας, Χατζής Βασίλειος.
